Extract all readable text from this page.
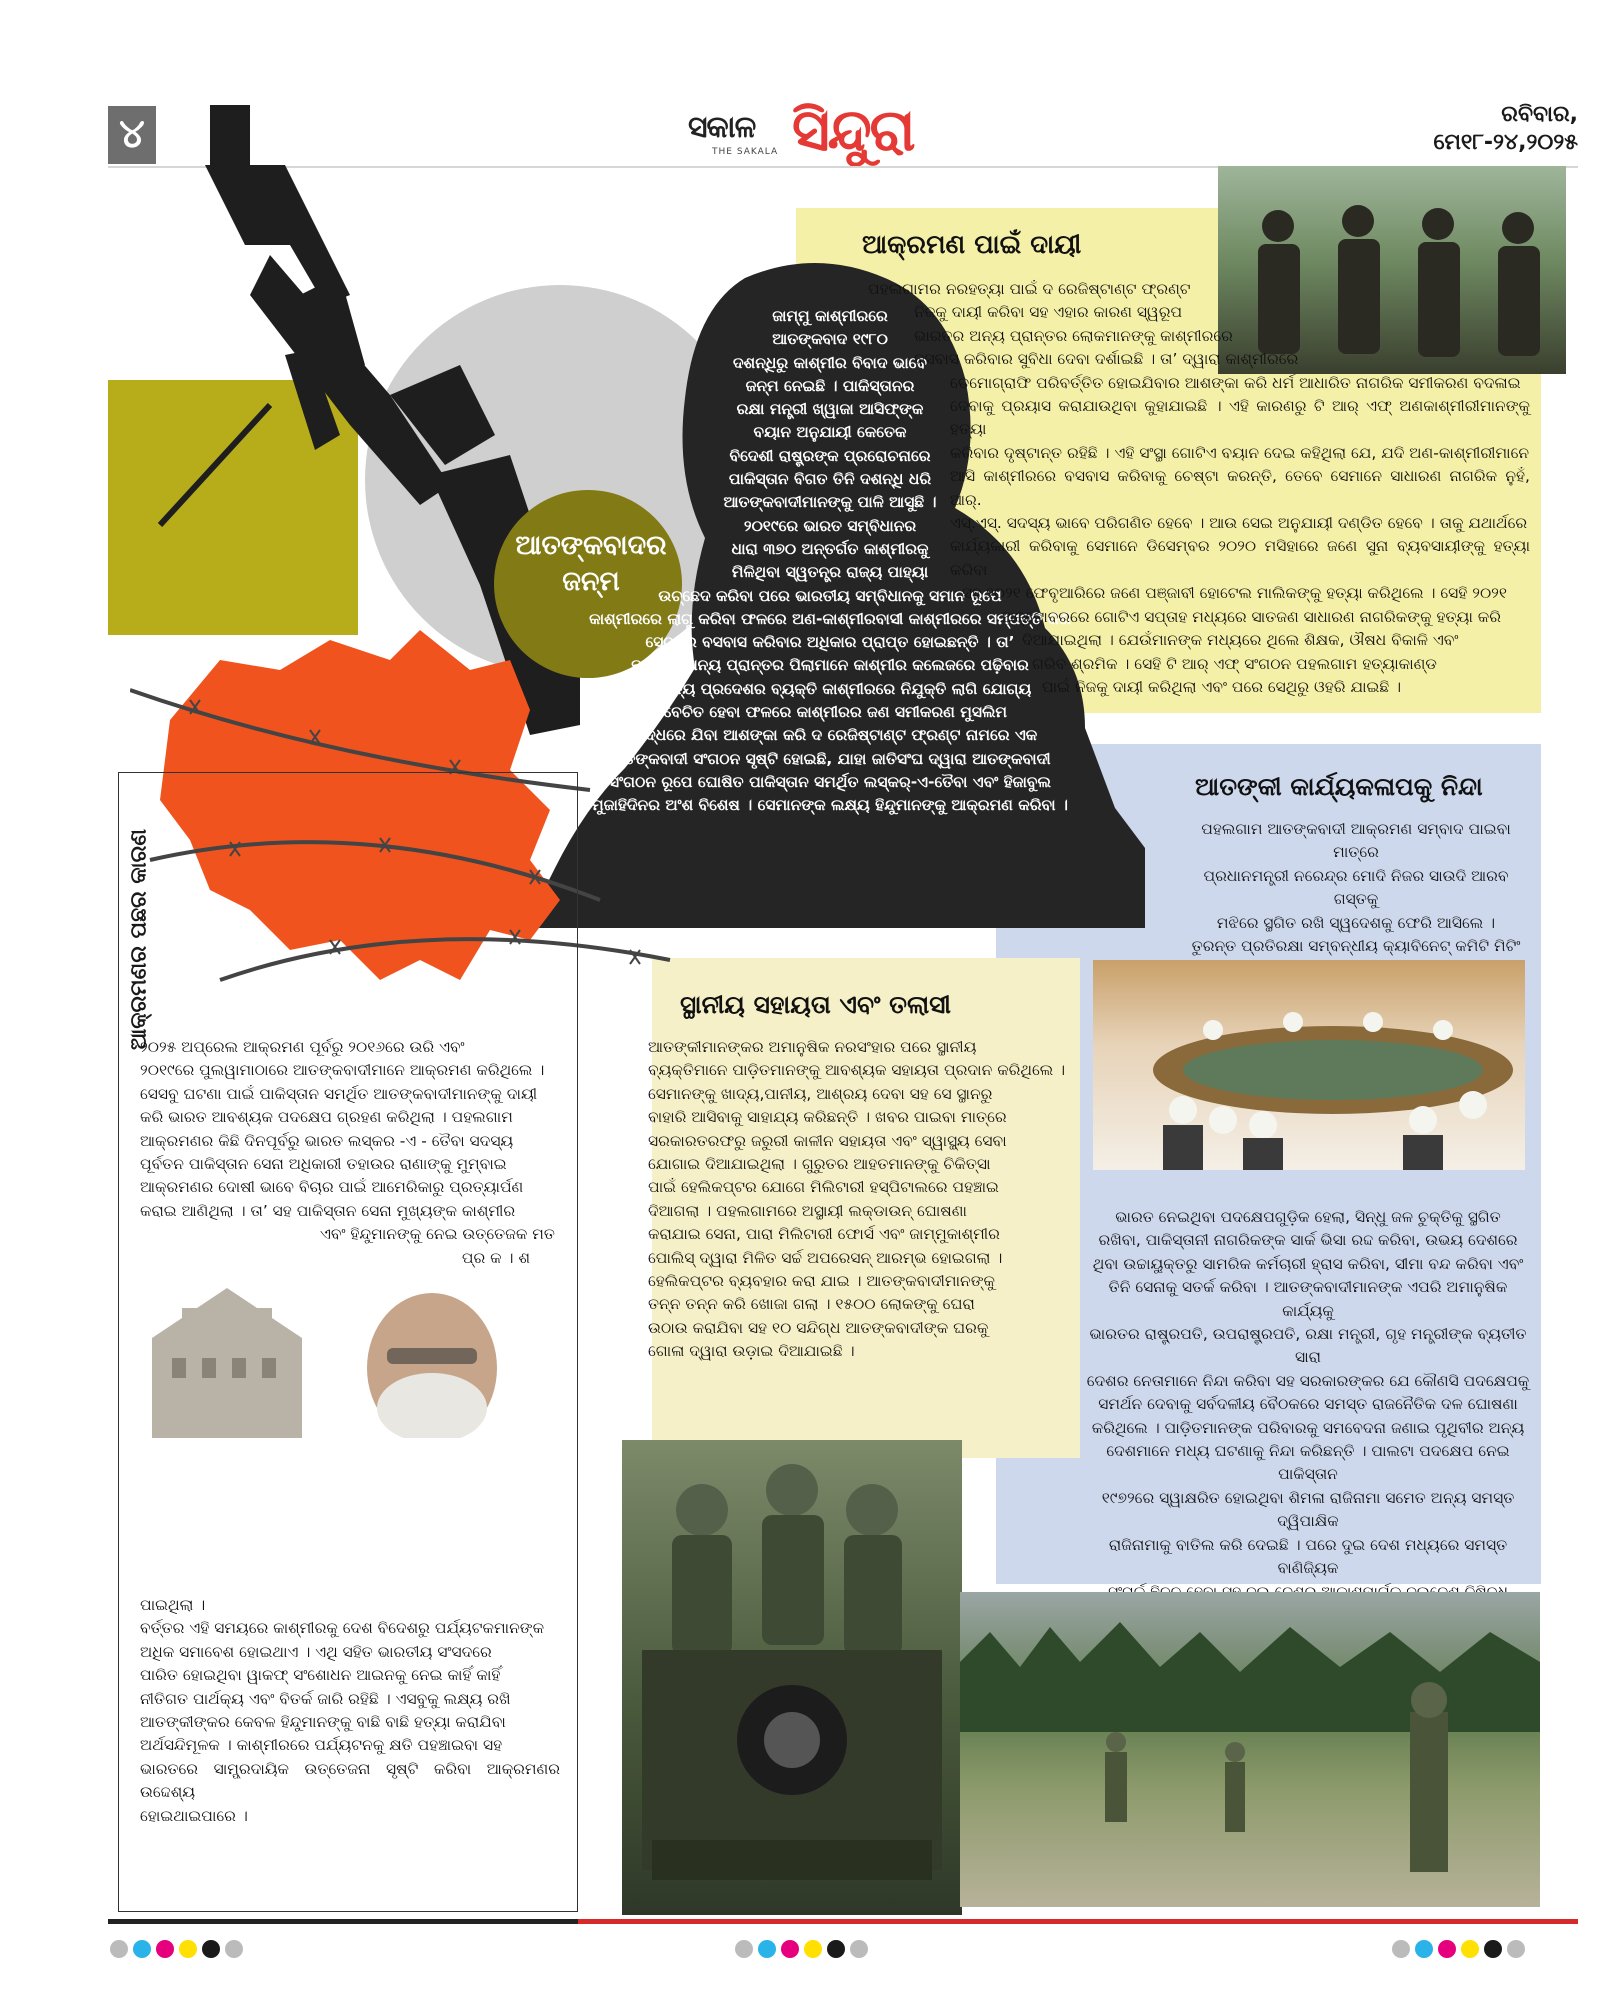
୪	ସକାଳ
THE SAKALA ସିନ୍ଦୁରା	ରବିବାର,
ମେ୧୮-୨୪,୨୦୨୫
ଆତଙ୍କବାଦର ଜନ୍ମ
ଜାମ୍ମୁ କାଶ୍ମୀରରେ
ଆତଙ୍କବାଦ ୧୯୮୦
ଦଶନ୍ଧିରୁ କାଶ୍ମୀର ବିବାଦ ଭାବେ
ଜନ୍ମ ନେଇଛି । ପାକିସ୍ତାନର
ରକ୍ଷା ମନ୍ତ୍ରୀ ଖ୍ୱାଜା ଆସିଫ୍ଙ୍କ
ବୟାନ ଅନୁଯାୟୀ କେତେକ
ବିଦେଶୀ ରାଷ୍ଟ୍ରଙ୍କ ପ୍ରରୋଚନାରେ
ପାକିସ୍ତାନ ବିଗତ ତିନି ଦଶନ୍ଧି ଧରି
ଆତଙ୍କବାଦୀମାନଙ୍କୁ ପାଳି ଆସୁଛି ।
୨୦୧୯ରେ ଭାରତ ସମ୍ବିଧାନର
ଧାରା ୩୭୦ ଅନ୍ତର୍ଗତ କାଶ୍ମୀରକୁ
ମିଳିଥିବା ସ୍ୱତନ୍ତ୍ର ରାଜ୍ୟ ପାହ୍ୟା
ଉଚ୍ଛେଦ କରିବା ପରେ ଭାରତୀୟ ସମ୍ବିଧାନକୁ ସମାନ ରୂପେ
କାଶ୍ମୀରରେ ଲାଗୁ କରିବା ଫଳରେ ଅଣ-କାଶ୍ମୀରବାସୀ କାଶ୍ମୀରରେ ସମ୍ପତ୍ତି କିଣି
ସେଠାରେ ବସବାସ କରିବାର ଅଧିକାର ପ୍ରାପ୍ତ ହୋଇଛନ୍ତି । ତା’
ବ୍ୟତୀତ ଅନ୍ୟ ପ୍ରାନ୍ତର ପିଲାମାନେ କାଶ୍ମୀର କଲେଜରେ ପଢ଼ିବାର
ଏବଂ ଅନ୍ୟ ପ୍ରଦେଶର ବ୍ୟକ୍ତି କାଶ୍ମୀରରେ ନିଯୁକ୍ତି ଲାଗି ଯୋଗ୍ୟ
ବିବେଚିତ ହେବା ଫଳରେ କାଶ୍ମୀରର ଜଣ ସମୀକରଣ ମୁସଲିମ
ବିରୁଦ୍ଧରେ ଯିବା ଆଶଙ୍କା କରି ଦ ରେଜିଷ୍ଟାଣ୍ଟ ଫ୍ରଣ୍ଟ ନାମରେ ଏକ
ଆତଙ୍କବାଦୀ ସଂଗଠନ ସୃଷ୍ଟି ହୋଇଛି, ଯାହା ଜାତିସଂଘ ଦ୍ୱାରା ଆତଙ୍କବାଦୀ
ସଂଗଠନ ରୂପେ ଘୋଷିତ ପାକିସ୍ତାନ ସମର୍ଥିତ ଲସ୍କର୍-ଏ-ତୈବା ଏବଂ ହିଜାବୁଲ
ମୁଜାହିଦିନର ଅଂଶ ବିଶେଷ । ସେମାନଙ୍କ ଲକ୍ଷ୍ୟ ହିନ୍ଦୁମାନଙ୍କୁ ଆକ୍ରମଣ କରିବା ।
ଆକ୍ରମଣ ପାଇଁ ଦାୟୀ
ପହଲଗାମର ନରହତ୍ୟା ପାଇଁ ଦ ରେଜିଷ୍ଟାଣ୍ଟ ଫ୍ରଣ୍ଟ
ନିଜକୁ ଦାୟୀ କରିବା ସହ ଏହାର କାରଣ ସ୍ୱରୂପ
ଭାରତର ଅନ୍ୟ ପ୍ରାନ୍ତର ଲୋକମାନଙ୍କୁ କାଶ୍ମୀରରେ
ବସବାସ କରିବାର ସୁବିଧା ଦେବା ଦର୍ଶାଇଛି । ତା’ ଦ୍ୱାରା କାଶ୍ମୀରରେ
ଡେମୋଗ୍ରାଫି ପରିବର୍ତ୍ତିତ ହୋଇଯିବାର ଆଶଙ୍କା କରି ଧର୍ମ ଆଧାରିତ ନାଗରିକ ସମୀକରଣ ବଦଳାଇ
ଦେବାକୁ ପ୍ରୟାସ କରାଯାଉଥିବା କୁହାଯାଇଛି । ଏହି କାରଣରୁ ଟି ଆର୍ ଏଫ୍ ଅଣକାଶ୍ମୀରୀମାନଙ୍କୁ ହତ୍ୟା
କରିବାର ଦୃଷ୍ଟାନ୍ତ ରହିଛି । ଏହି ସଂସ୍ଥା ଗୋଟିଏ ବୟାନ ଦେଇ କହିଥିଲା ଯେ, ଯଦି ଅଣ-କାଶ୍ମୀରୀମାନେ
ଆସି କାଶ୍ମୀରରେ ବସବାସ କରିବାକୁ ଚେଷ୍ଟା କରନ୍ତି, ତେବେ ସେମାନେ ସାଧାରଣ ନାଗରିକ ନୁହଁ, ଆର୍.
ଏସ୍.ଏସ୍. ସଦସ୍ୟ ଭାବେ ପରିଗଣିତ ହେବେ । ଆଉ ସେଇ ଅନୁଯାୟୀ ଦଣ୍ଡିତ ହେବେ । ତାକୁ ଯଥାର୍ଥରେ
କାର୍ଯ୍ୟକାରୀ କରିବାକୁ ସେମାନେ ଡିସେମ୍ବର ୨୦୨୦ ମସିହାରେ ଜଣେ ସୁନା ବ୍ୟବସାୟୀଙ୍କୁ ହତ୍ୟା କରିବା
ସହ ୨୦୨୧ ଫେବୃଆରିରେ ଜଣେ ପଞ୍ଜାବୀ ହୋଟେଲ ମାଲିକଙ୍କୁ ହତ୍ୟା କରିଥିଲେ । ସେହି ୨୦୨୧
ଅକ୍ଟୋବରରେ ଗୋଟିଏ ସପ୍ତାହ ମଧ୍ୟରେ ସାତଜଣ ସାଧାରଣ ନାଗରିକଙ୍କୁ ହତ୍ୟା କରି
ଦିଆଯାଇଥିଲା । ଯେଉଁମାନଙ୍କ ମଧ୍ୟରେ ଥିଲେ ଶିକ୍ଷକ, ଔଷଧ ବିକାଳି ଏବଂ
ଗରିବ ଶ୍ରମିକ । ସେହି ଟି ଆର୍ ଏଫ୍ ସଂଗଠନ ପହଲଗାମ ହତ୍ୟାକାଣ୍ଡ
ପାଇଁ ନିଜକୁ ଦାୟୀ କରିଥିଲା ଏବଂ ପରେ ସେଥିରୁ ଓହରି ଯାଇଛି ।
ଆତଙ୍କୀ କାର୍ଯ୍ୟକଳାପକୁ ନିନ୍ଦା
ପହଲଗାମ ଆତଙ୍କବାଦୀ ଆକ୍ରମଣ ସମ୍ବାଦ ପାଇବା ମାତ୍ରେ
ପ୍ରଧାନମନ୍ତ୍ରୀ ନରେନ୍ଦ୍ର ମୋଦି ନିଜର ସାଉଦି ଆରବ ଗସ୍ତକୁ
ମଝିରେ ସ୍ଥଗିତ ରଖି ସ୍ୱଦେଶକୁ ଫେରି ଆସିଲେ ।
ତୁରନ୍ତ ପ୍ରତିରକ୍ଷା ସମ୍ବନ୍ଧୀୟ କ୍ୟାବିନେଟ୍ କମିଟି ମିଟିଂ
ଭାରତ ନେଇଥିବା ପଦକ୍ଷେପଗୁଡ଼ିକ ହେଲା, ସିନ୍ଧୁ ଜଳ ଚୁକ୍ତିକୁ ସ୍ଥଗିତ
ରଖିବା, ପାକିସ୍ତାନୀ ନାଗରିକଙ୍କ ସାର୍କ ଭିସା ରଦ୍ଦ କରିବା, ଉଭୟ ଦେଶରେ
ଥିବା ଉଚ୍ଚାୟୁକ୍ତରୁ ସାମରିକ କର୍ମଚାରୀ ହ୍ରାସ କରିବା, ସୀମା ବନ୍ଦ କରିବା ଏବଂ
ତିନି ସେନାକୁ ସତର୍କ କରିବା । ଆତଙ୍କବାଦୀମାନଙ୍କ ଏପରି ଅମାନୁଷିକ କାର୍ଯ୍ୟକୁ
ଭାରତର ରାଷ୍ଟ୍ରପତି, ଉପରାଷ୍ଟ୍ରପତି, ରକ୍ଷା ମନ୍ତ୍ରୀ, ଗୃହ ମନ୍ତ୍ରୀଙ୍କ ବ୍ୟତୀତ ସାରା
ଦେଶର ନେତାମାନେ ନିନ୍ଦା କରିବା ସହ ସରକାରଙ୍କର ଯେ କୌଣସି ପଦକ୍ଷେପକୁ
ସମର୍ଥନ ଦେବାକୁ ସର୍ବଦଳୀୟ ବୈଠକରେ ସମସ୍ତ ରାଜନୈତିକ ଦଳ ଘୋଷଣା
କରିଥିଲେ । ପାଡ଼ିତମାନଙ୍କ ପରିବାରକୁ ସମବେଦନା ଜଣାଇ ପୃଥିବୀର ଅନ୍ୟ
ଦେଶମାନେ ମଧ୍ୟ ଘଟଣାକୁ ନିନ୍ଦା କରିଛନ୍ତି । ପାଲଟା ପଦକ୍ଷେପ ନେଇ ପାକିସ୍ତାନ
୧୯୭୨ରେ ସ୍ୱାକ୍ଷରିତ ହୋଇଥିବା ଶିମଳା ରାଜିନାମା ସମେତ ଅନ୍ୟ ସମସ୍ତ ଦ୍ୱିପାକ୍ଷିକ
ରାଜିନାମାକୁ ବାତିଲ କରି ଦେଇଛି । ପରେ ଦୁଇ ଦେଶ ମଧ୍ୟରେ ସମସ୍ତ ବାଣିଜ୍ୟିକ
ସ୍ଥାନୀୟ ସହାୟତା ଏବଂ ତଲାସୀ
ଆତଙ୍କୀମାନଙ୍କର ଅମାନୁଷିକ ନରସଂହାର ପରେ ସ୍ଥାନୀୟ
ବ୍ୟକ୍ତିମାନେ ପାଡ଼ିତମାନଙ୍କୁ ଆବଶ୍ୟକ ସହାୟତା ପ୍ରଦାନ କରିଥିଲେ ।
ସେମାନଙ୍କୁ ଖାଦ୍ୟ,ପାନୀୟ, ଆଶ୍ରୟ ଦେବା ସହ ସେ ସ୍ଥାନରୁ
ବାହାରି ଆସିବାକୁ ସାହାଯ୍ୟ କରିଛନ୍ତି । ଖବର ପାଇବା ମାତ୍ରେ
ସରକାରତରଫରୁ ଜରୁରୀ କାଳୀନ ସହାୟତା ଏବଂ ସ୍ୱାସ୍ଥ୍ୟ ସେବା
ଯୋଗାଇ ଦିଆଯାଇଥିଲା । ଗୁରୁତର ଆହତମାନଙ୍କୁ ଚିକିତ୍ସା
ପାଇଁ ହେଲିକପ୍ଟର ଯୋଗେ ମିଲିଟାରୀ ହସ୍ପିଟାଲରେ ପହଞ୍ଚାଇ
ଦିଆଗଲା । ପହଲଗାମରେ ଅସ୍ଥାୟୀ ଲକ୍ଡାଉନ୍ ଘୋଷଣା
କରାଯାଇ ସେନା, ପାରା ମିଲିଟାରୀ ଫୋର୍ସ ଏବଂ ଜାମ୍ମୁକାଶ୍ମୀର
ପୋଲିସ୍ ଦ୍ୱାରା ମିଳିତ ସର୍ଚ୍ଚ ଅପରେସନ୍ ଆରମ୍ଭ ହୋଇଗଲା ।
ହେଲିକପ୍ଟର ବ୍ୟବହାର କରା ଯାଇ । ଆତଙ୍କବାଦୀମାନଙ୍କୁ
ତନ୍ନ ତନ୍ନ କରି ଖୋଜା ଗଲା । ୧୫୦୦ ଲୋକଙ୍କୁ ଘେରା
ଉଠାଉ କରାଯିବା ସହ ୧୦ ସନ୍ଦିଗ୍ଧ ଆତଙ୍କବାଦୀଙ୍କ ଘରକୁ
ଗୋଳା ଦ୍ୱାରା ଉଡ଼ାଇ ଦିଆଯାଇଛି ।
ଆକ୍ରମଣର ପଛର କାରଣ
୨୦୨୫ ଅପ୍ରେଲ ଆକ୍ରମଣ ପୂର୍ବରୁ ୨୦୧୬ରେ ଉରି ଏବଂ
୨୦୧୯ରେ ପୁଲୱାମାଠାରେ ଆତଙ୍କବାଦୀମାନେ ଆକ୍ରମଣ କରିଥିଲେ ।
ସେସବୁ ଘଟଣା ପାଇଁ ପାକିସ୍ତାନ ସମର୍ଥିତ ଆତଙ୍କବାଦୀମାନଙ୍କୁ ଦାୟୀ
କରି ଭାରତ ଆବଶ୍ୟକ ପଦକ୍ଷେପ ଗ୍ରହଣ କରିଥିଲା । ପହଲଗାମ
ଆକ୍ରମଣର କିଛି ଦିନପୂର୍ବରୁ ଭାରତ ଲସ୍କର -ଏ - ତୈବା ସଦସ୍ୟ
ପୂର୍ବତନ ପାକିସ୍ତାନ ସେନା ଅଧିକାରୀ ତହାଉର ରାଣାଙ୍କୁ ମୁମ୍ବାଇ
ଆକ୍ରମଣର ଦୋଷୀ ଭାବେ ବିଚାର ପାଇଁ ଆମେରିକାରୁ ପ୍ରତ୍ୟାର୍ପଣ
କରାଇ ଆଣିଥିଲା । ତା’ ସହ ପାକିସ୍ତାନ ସେନା ମୁଖ୍ୟଙ୍କ କାଶ୍ମୀର
ଏବଂ ହିନ୍ଦୁମାନଙ୍କୁ ନେଇ ଉତ୍ତେଜକ ମତ
ପ୍ର କ । ଶ
ପାଇଥିଲା ।
ବର୍ତ୍ତର ଏହି ସମୟରେ କାଶ୍ମୀରକୁ ଦେଶ ବିଦେଶରୁ ପର୍ଯ୍ୟଟକମାନଙ୍କ
ଅଧିକ ସମାବେଶ ହୋଇଥାଏ । ଏଥି ସହିତ ଭାରତୀୟ ସଂସଦରେ
ପାରିତ ହୋଇଥିବା ୱାକଫ୍ ସଂଶୋଧନ ଆଇନକୁ ନେଇ କାହିଁ କାହିଁ
ନୀତିଗତ ପାର୍ଥକ୍ୟ ଏବଂ ବିତର୍କ ଜାରି ରହିଛି । ଏସବୁକୁ ଲକ୍ଷ୍ୟ ରଖି
ଆତଙ୍କୀଙ୍କର କେବଳ ହିନ୍ଦୁମାନଙ୍କୁ ବାଛି ବାଛି ହତ୍ୟା କରାଯିବା
ଅର୍ଥସନ୍ଦିମୂଳକ । କାଶ୍ମୀରରେ ପର୍ଯ୍ୟଟନକୁ କ୍ଷତି ପହଞ୍ଚାଇବା ସହ
ଭାରତରେ ସାମ୍ପ୍ରଦାୟିକ ଉତ୍ତେଜନା ସୃଷ୍ଟି କରିବା ଆକ୍ରମଣର ଉଦ୍ଦେଶ୍ୟ
ହୋଇଥାଇପାରେ ।
